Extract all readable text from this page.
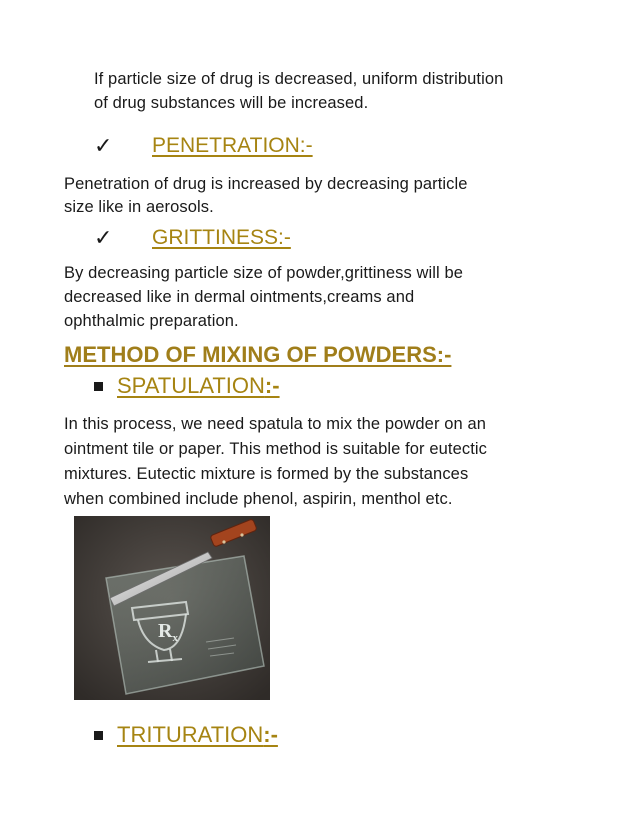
If particle size of drug is decreased, uniform distribution
of drug substances will be increased.
✓	PENETRATION:-
Penetration of drug is increased by decreasing particle
size like in aerosols.
✓	GRITTINESS:-
By decreasing particle size of powder,grittiness will be
decreased like in dermal ointments,creams and
ophthalmic preparation.
METHOD OF MIXING OF POWDERS:-
SPATULATION:-
In this process, we need spatula to mix the powder on an
ointment tile or paper. This method is suitable for eutectic
mixtures. Eutectic mixture is formed by the substances
when combined include phenol, aspirin, menthol etc.
$R_x$
TRITURATION:-
